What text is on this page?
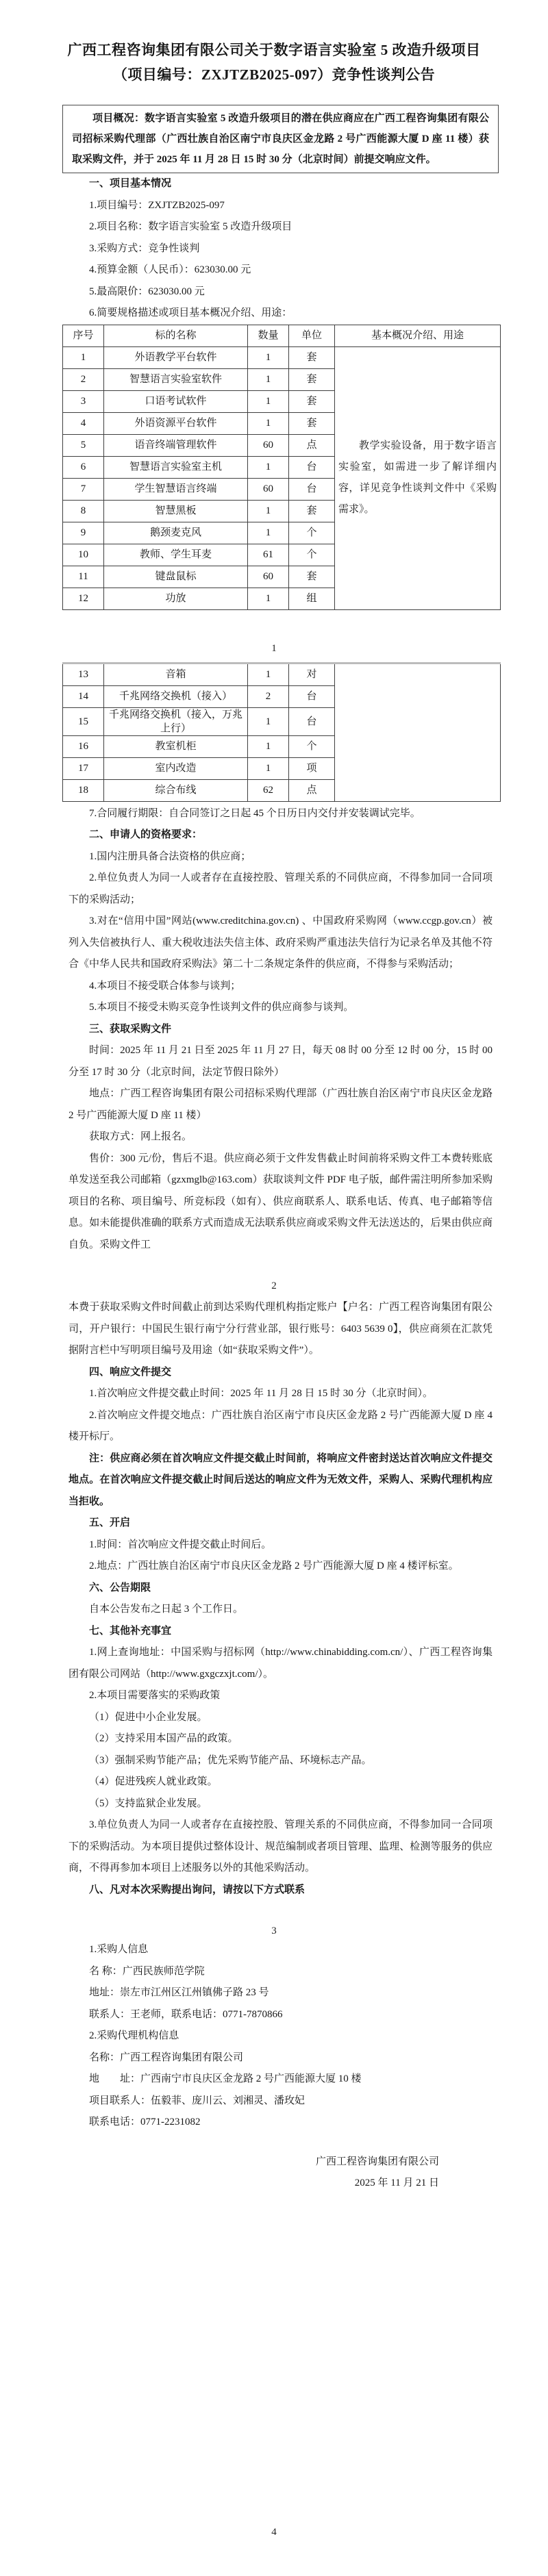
广西工程咨询集团有限公司关于数字语言实验室 5 改造升级项目
（项目编号：ZXJTZB2025-097）竞争性谈判公告
项目概况：数字语言实验室 5 改造升级项目的潜在供应商应在广西工程咨询集团有限公司招标采购代理部（广西壮族自治区南宁市良庆区金龙路 2 号广西能源大厦 D 座 11 楼）获取采购文件，并于 2025 年 11 月 28 日 15 时 30 分（北京时间）前提交响应文件。
一、项目基本情况
1.项目编号：ZXJTZB2025-097
2.项目名称：数字语言实验室 5 改造升级项目
3.采购方式：竞争性谈判
4.预算金额（人民币）：623030.00 元
5.最高限价：623030.00 元
6.简要规格描述或项目基本概况介绍、用途：
序号	标的名称	数量	单位	基本概况介绍、用途
1	外语教学平台软件	1	套	教学实验设备，用于数字语言实验室，如需进一步了解详细内容，详见竞争性谈判文件中《采购需求》。
2	智慧语言实验室软件	1	套	
3	口语考试软件	1	套	
4	外语资源平台软件	1	套	
5	语音终端管理软件	60	点	
6	智慧语言实验室主机	1	台	
7	学生智慧语言终端	60	台	
8	智慧黑板	1	套	
9	鹅颈麦克风	1	个	
10	教师、学生耳麦	61	个	
11	键盘鼠标	60	套	
12	功放	1	组	
1
13	音箱	1	对	
14	千兆网络交换机（接入）	2	台	
15	千兆网络交换机（接入，万兆上行）	1	台	
16	教室机柜	1	个	
17	室内改造	1	项	
18	综合布线	62	点	
7.合同履行期限：自合同签订之日起 45 个日历日内交付并安装调试完毕。
二、申请人的资格要求：
1.国内注册具备合法资格的供应商；
2.单位负责人为同一人或者存在直接控股、管理关系的不同供应商，不得参加同一合同项下的采购活动；
3.对在“信用中国”网站(www.creditchina.gov.cn) 、中国政府采购网（www.ccgp.gov.cn）被列入失信被执行人、重大税收违法失信主体、政府采购严重违法失信行为记录名单及其他不符合《中华人民共和国政府采购法》第二十二条规定条件的供应商，不得参与采购活动；
4.本项目不接受联合体参与谈判；
5.本项目不接受未购买竞争性谈判文件的供应商参与谈判。
三、获取采购文件
时间：2025 年 11 月 21 日至 2025 年 11 月 27 日，每天 08 时 00 分至 12 时 00 分，15 时 00 分至 17 时 30 分（北京时间，法定节假日除外）
地点：广西工程咨询集团有限公司招标采购代理部（广西壮族自治区南宁市良庆区金龙路 2 号广西能源大厦 D 座 11 楼）
获取方式：网上报名。
售价：300 元/份，售后不退。供应商必须于文件发售截止时间前将采购文件工本费转账底单发送至我公司邮箱（gzxmglb@163.com）获取谈判文件 PDF 电子版，邮件需注明所参加采购项目的名称、项目编号、所竞标段（如有）、供应商联系人、联系电话、传真、电子邮箱等信息。如未能提供准确的联系方式而造成无法联系供应商或采购文件无法送达的，后果由供应商自负。采购文件工
2
本费于获取采购文件时间截止前到达采购代理机构指定账户【户名：广西工程咨询集团有限公司，开户银行：中国民生银行南宁分行营业部，银行账号：6403 5639 0】，供应商须在汇款凭据附言栏中写明项目编号及用途（如“获取采购文件”）。
四、响应文件提交
1.首次响应文件提交截止时间：2025 年 11 月 28 日 15 时 30 分（北京时间）。
2.首次响应文件提交地点：广西壮族自治区南宁市良庆区金龙路 2 号广西能源大厦 D 座 4 楼开标厅。
注：供应商必须在首次响应文件提交截止时间前，将响应文件密封送达首次响应文件提交地点。在首次响应文件提交截止时间后送达的响应文件为无效文件，采购人、采购代理机构应当拒收。
五、开启
1.时间：首次响应文件提交截止时间后。
2.地点：广西壮族自治区南宁市良庆区金龙路 2 号广西能源大厦 D 座 4 楼评标室。
六、公告期限
自本公告发布之日起 3 个工作日。
七、其他补充事宜
1.网上查询地址：中国采购与招标网（http://www.chinabidding.com.cn/）、广西工程咨询集团有限公司网站（http://www.gxgczxjt.com/）。
2.本项目需要落实的采购政策
（1）促进中小企业发展。
（2）支持采用本国产品的政策。
（3）强制采购节能产品；优先采购节能产品、环境标志产品。
（4）促进残疾人就业政策。
（5）支持监狱企业发展。
3.单位负责人为同一人或者存在直接控股、管理关系的不同供应商，不得参加同一合同项下的采购活动。为本项目提供过整体设计、规范编制或者项目管理、监理、检测等服务的供应商，不得再参加本项目上述服务以外的其他采购活动。
八、凡对本次采购提出询问，请按以下方式联系
3
1.采购人信息
名 称：广西民族师范学院
地址：崇左市江州区江州镇佛子路 23 号
联系人：王老师，联系电话：0771-7870866
2.采购代理机构信息
名称：广西工程咨询集团有限公司
地　　址：广西南宁市良庆区金龙路 2 号广西能源大厦 10 楼
项目联系人：伍毅菲、庞川云、刘湘灵、潘玫妃
联系电话：0771-2231082
广西工程咨询集团有限公司
2025 年 11 月 21 日
4
